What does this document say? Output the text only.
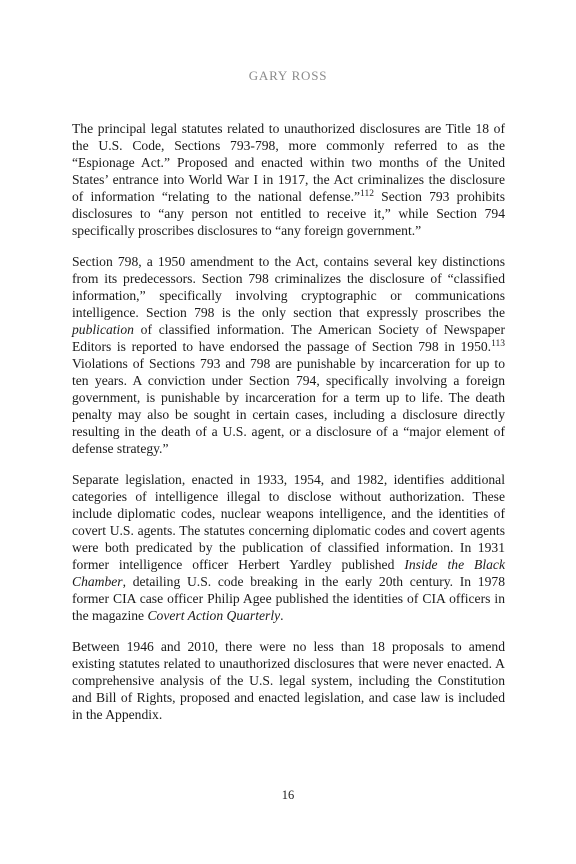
GARY ROSS

The principal legal statutes related to unauthorized disclosures are Title 18 of the U.S. Code, Sections 793-798, more commonly referred to as the “Espionage Act.” Proposed and enacted within two months of the United States’ entrance into World War I in 1917, the Act criminalizes the disclosure of information “relating to the national defense.”$^{112}$ Section 793 prohibits disclosures to “any person not entitled to receive it,” while Section 794 specifically proscribes disclosures to “any foreign government.”

Section 798, a 1950 amendment to the Act, contains several key distinctions from its predecessors. Section 798 criminalizes the disclosure of “classified information,” specifically involving cryptographic or communications intelligence. Section 798 is the only section that expressly proscribes the publication of classified information. The American Society of Newspaper Editors is reported to have endorsed the passage of Section 798 in 1950.$^{113}$ Violations of Sections 793 and 798 are punishable by incarceration for up to ten years. A conviction under Section 794, specifically involving a foreign government, is punishable by incarceration for a term up to life. The death penalty may also be sought in certain cases, including a disclosure directly resulting in the death of a U.S. agent, or a disclosure of a “major element of defense strategy.”

Separate legislation, enacted in 1933, 1954, and 1982, identifies additional categories of intelligence illegal to disclose without authorization. These include diplomatic codes, nuclear weapons intelligence, and the identities of covert U.S. agents. The statutes concerning diplomatic codes and covert agents were both predicated by the publication of classified information. In 1931 former intelligence officer Herbert Yardley published Inside the Black Chamber, detailing U.S. code breaking in the early 20th century. In 1978 former CIA case officer Philip Agee published the identities of CIA officers in the magazine Covert Action Quarterly.

Between 1946 and 2010, there were no less than 18 proposals to amend existing statutes related to unauthorized disclosures that were never enacted. A comprehensive analysis of the U.S. legal system, including the Constitution and Bill of Rights, proposed and enacted legislation, and case law is included in the Appendix.

16
